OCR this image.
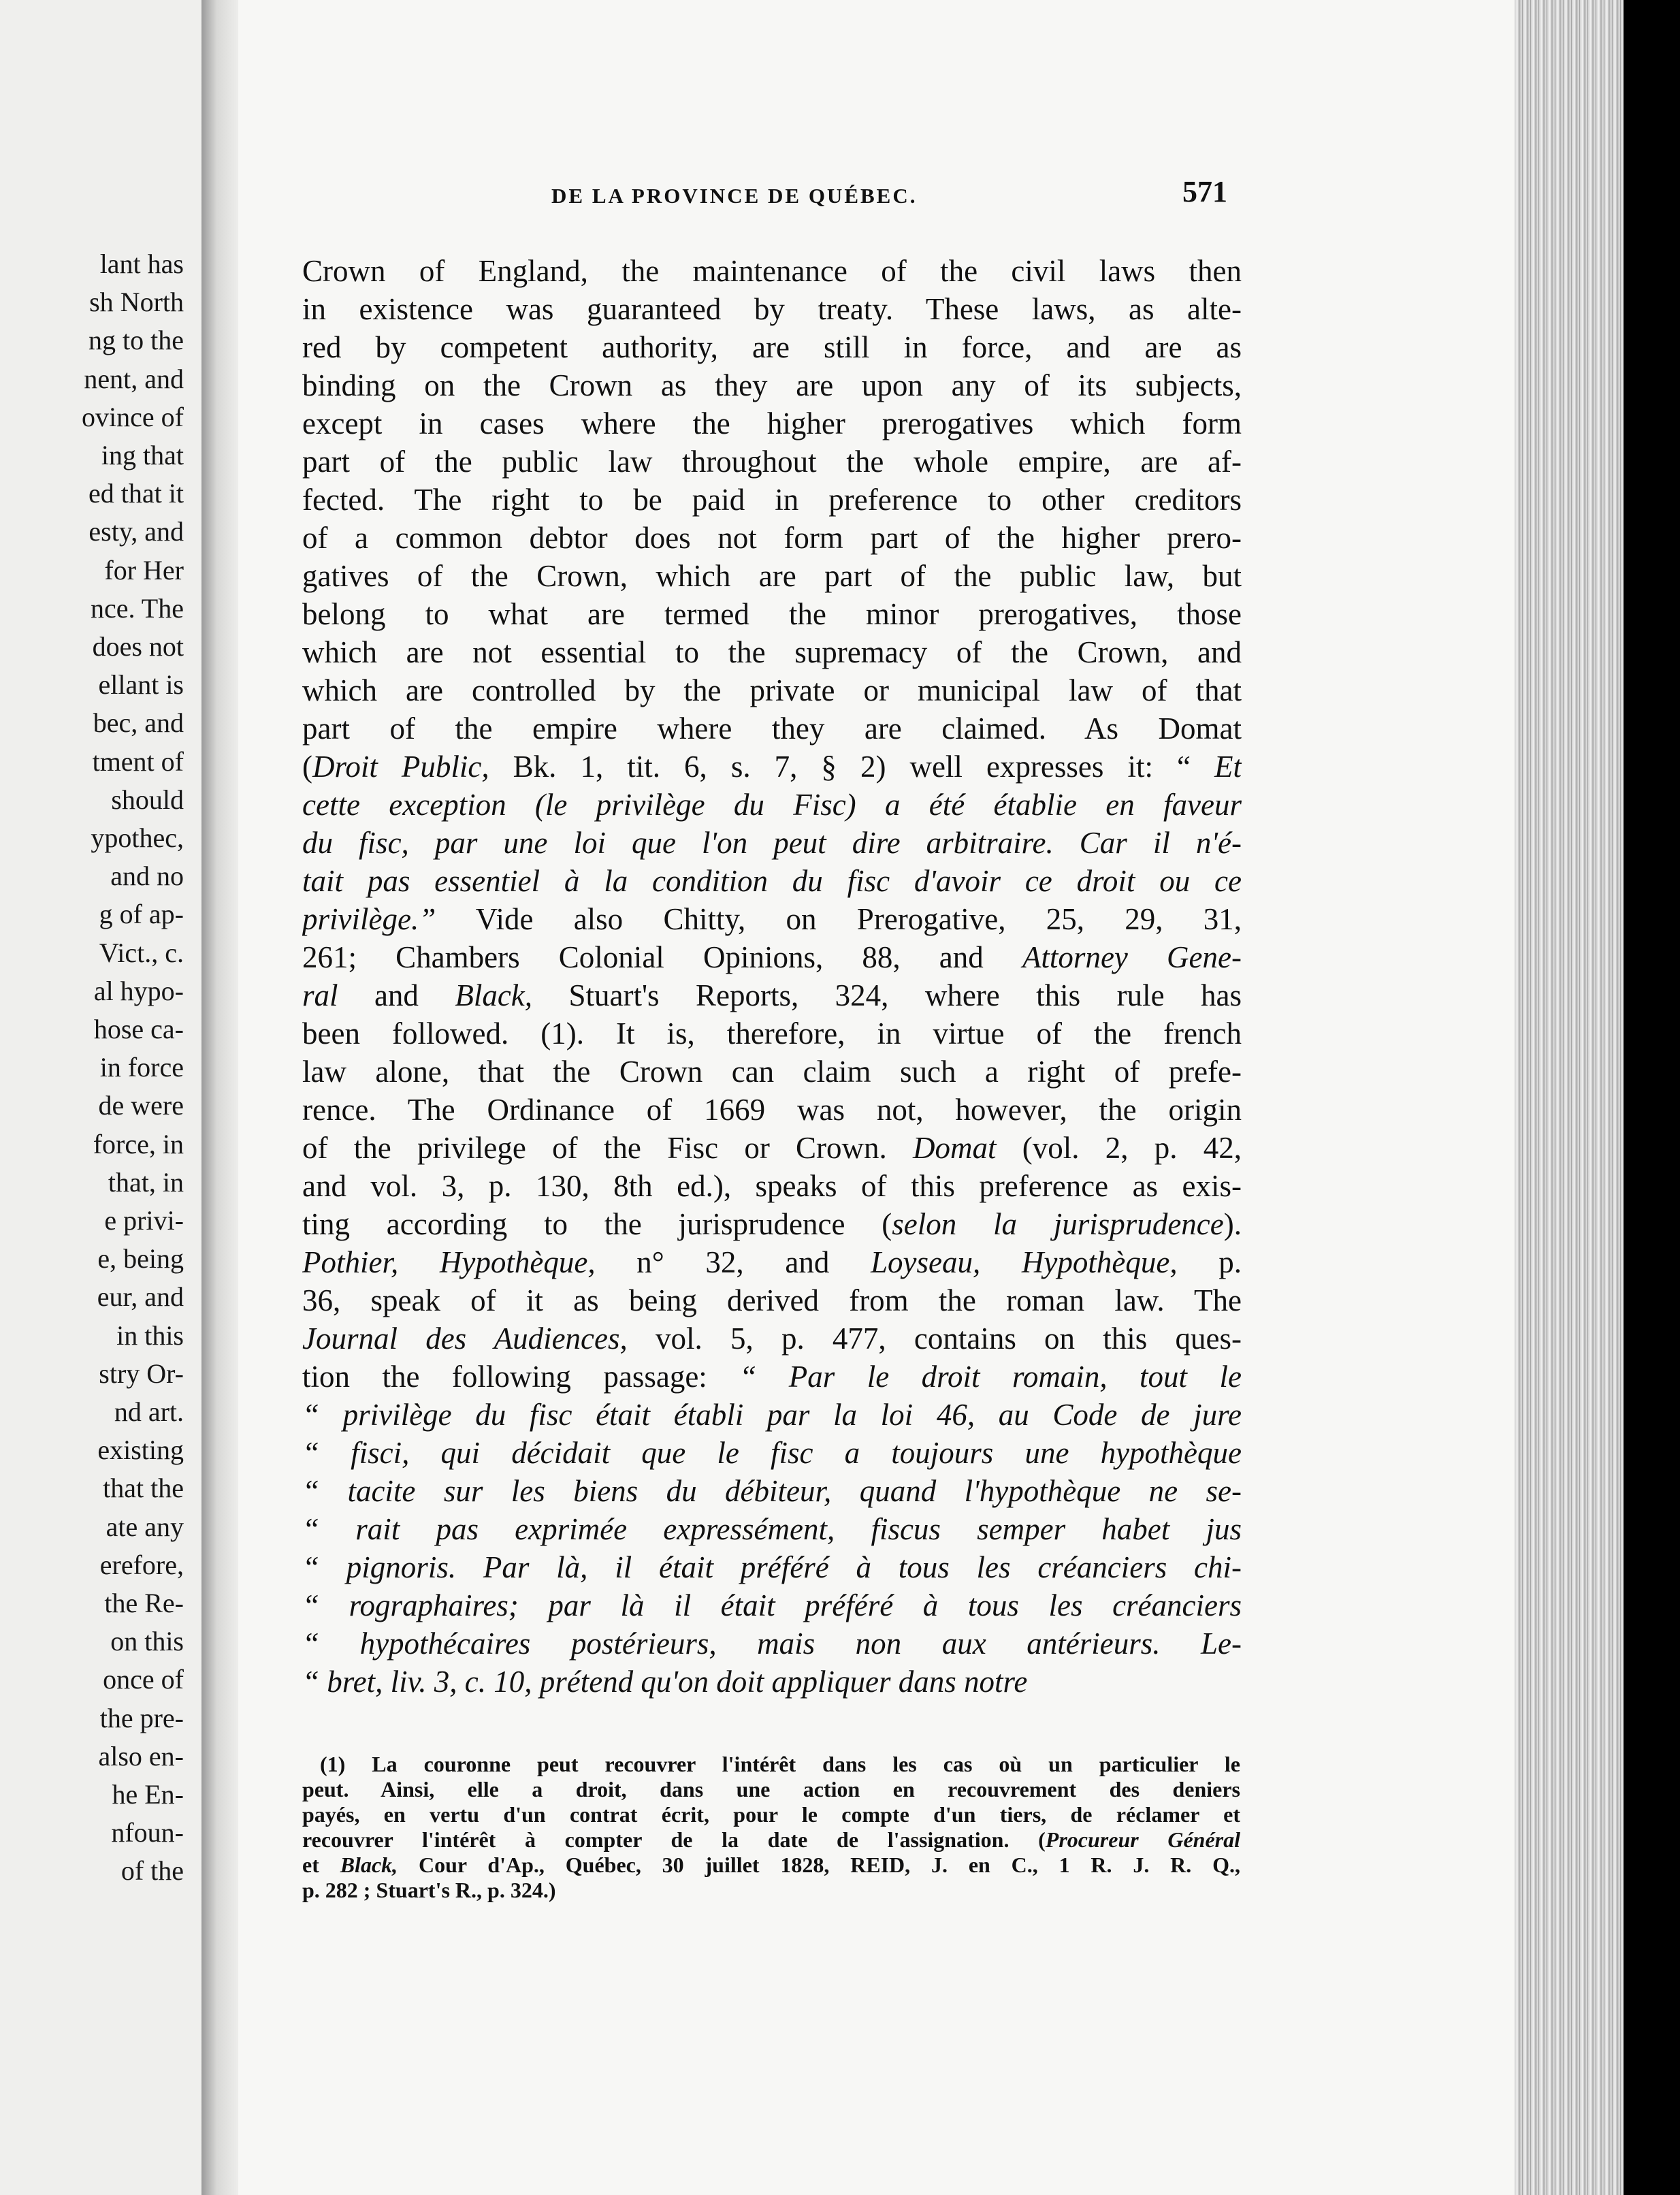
lant has
sh North
ng to the
nent, and
ovince of
ing that
ed that it
esty, and
for Her
nce. The
does not
ellant is
bec, and
tment of
should
ypothec,
and no
g of ap-
Vict., c.
al hypo-
hose ca-
in force
de were
force, in
that, in
e privi-
e, being
eur, and
in this
stry Or-
nd art.
existing
that the
ate any
erefore,
the Re-
on this
once of
the pre-
also en-
he En-
nfoun-
of the
DE LA PROVINCE DE QUÉBEC.	571
Crown of England, the maintenance of the civil laws then
in existence was guaranteed by treaty. These laws, as alte-
red by competent authority, are still in force, and are as
binding on the Crown as they are upon any of its subjects,
except in cases where the higher prerogatives which form
part of the public law throughout the whole empire, are af-
fected. The right to be paid in preference to other creditors
of a common debtor does not form part of the higher prero-
gatives of the Crown, which are part of the public law, but
belong to what are termed the minor prerogatives, those
which are not essential to the supremacy of the Crown, and
which are controlled by the private or municipal law of that
part of the empire where they are claimed. As Domat
(Droit Public, Bk. 1, tit. 6, s. 7, § 2) well expresses it: “ Et
cette exception (le privilège du Fisc) a été établie en faveur
du fisc, par une loi que l'on peut dire arbitraire. Car il n'é-
tait pas essentiel à la condition du fisc d'avoir ce droit ou ce
privilège.” Vide also Chitty, on Prerogative, 25, 29, 31,
261; Chambers Colonial Opinions, 88, and Attorney Gene-
ral and Black, Stuart's Reports, 324, where this rule has
been followed. (1). It is, therefore, in virtue of the french
law alone, that the Crown can claim such a right of prefe-
rence. The Ordinance of 1669 was not, however, the origin
of the privilege of the Fisc or Crown. Domat (vol. 2, p. 42,
and vol. 3, p. 130, 8th ed.), speaks of this preference as exis-
ting according to the jurisprudence (selon la jurisprudence).
Pothier, Hypothèque, n° 32, and Loyseau, Hypothèque, p.
36, speak of it as being derived from the roman law. The
Journal des Audiences, vol. 5, p. 477, contains on this ques-
tion the following passage: “ Par le droit romain, tout le
“ privilège du fisc était établi par la loi 46, au Code de jure
“ fisci, qui décidait que le fisc a toujours une hypothèque
“ tacite sur les biens du débiteur, quand l'hypothèque ne se-
“ rait pas exprimée expressément, fiscus semper habet jus
“ pignoris. Par là, il était préféré à tous les créanciers chi-
“ rographaires; par là il était préféré à tous les créanciers
“ hypothécaires postérieurs, mais non aux antérieurs. Le-
“ bret, liv. 3, c. 10, prétend qu'on doit appliquer dans notre
(1) La couronne peut recouvrer l'intérêt dans les cas où un particulier le
peut. Ainsi, elle a droit, dans une action en recouvrement des deniers
payés, en vertu d'un contrat écrit, pour le compte d'un tiers, de réclamer et
recouvrer l'intérêt à compter de la date de l'assignation. (Procureur Général
et Black, Cour d'Ap., Québec, 30 juillet 1828, REID, J. en C., 1 R. J. R. Q.,
p. 282 ; Stuart's R., p. 324.)
